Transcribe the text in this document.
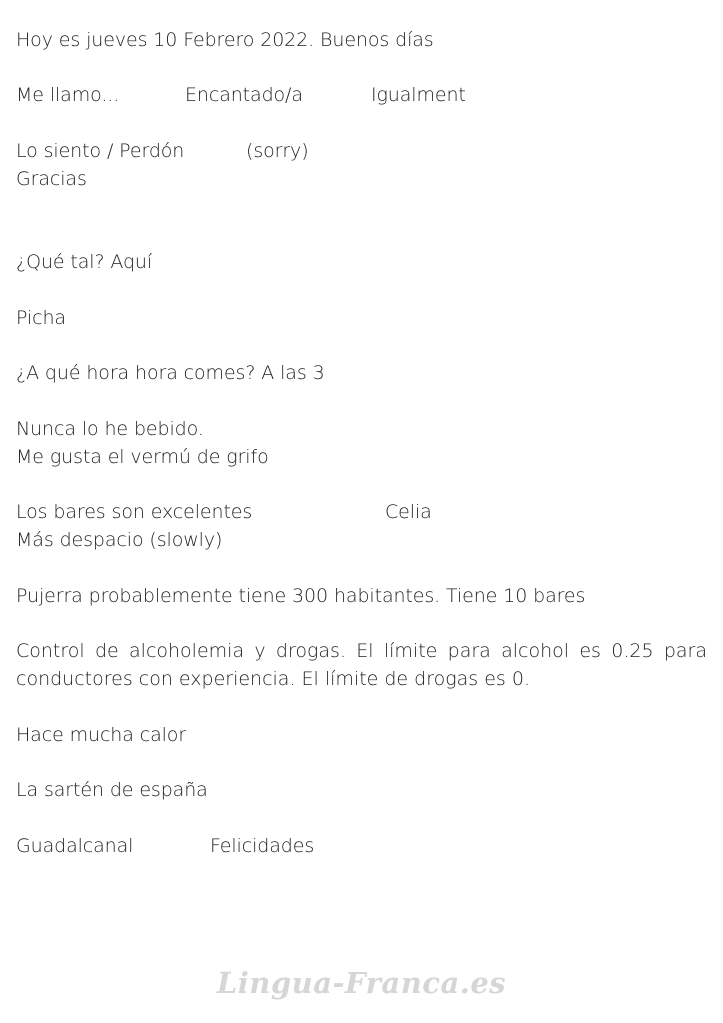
Hoy es jueves 10 Febrero 2022. Buenos días
Me llamo...	Encantado/a	Igualment
Lo siento / Perdón	(sorry)
Gracias
¿Qué tal? Aquí
Picha
¿A qué hora hora comes? A las 3
Nunca lo he bebido.
Me gusta el vermú de grifo
Los bares son excelentes	Celia
Más despacio (slowly)
Pujerra probablemente tiene 300 habitantes. Tiene 10 bares
Control de alcoholemia y drogas. El límite para alcohol es 0.25 para conductores con experiencia. El límite de drogas es 0.
Hace mucha calor
La sartén de españa
Guadalcanal	Felicidades
Lingua-Franca.es
